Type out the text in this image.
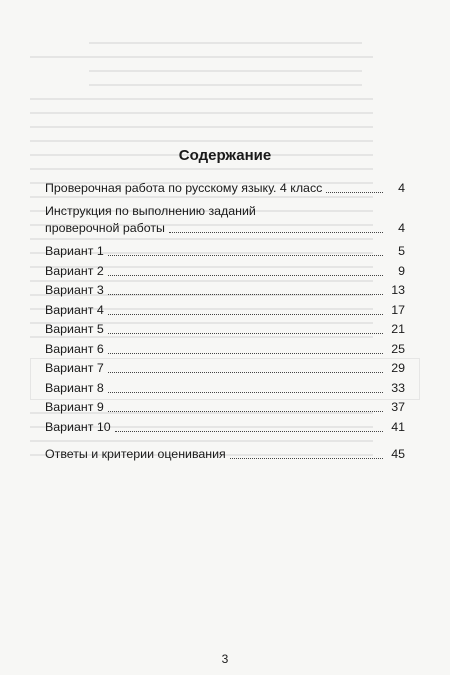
Содержание
Проверочная работа по русскому языку. 4 класс	4
Инструкция по выполнению заданий
проверочной работы	4
Вариант 1	5
Вариант 2	9
Вариант 3	13
Вариант 4	17
Вариант 5	21
Вариант 6	25
Вариант 7	29
Вариант 8	33
Вариант 9	37
Вариант 10	41
Ответы и критерии оценивания	45
3
